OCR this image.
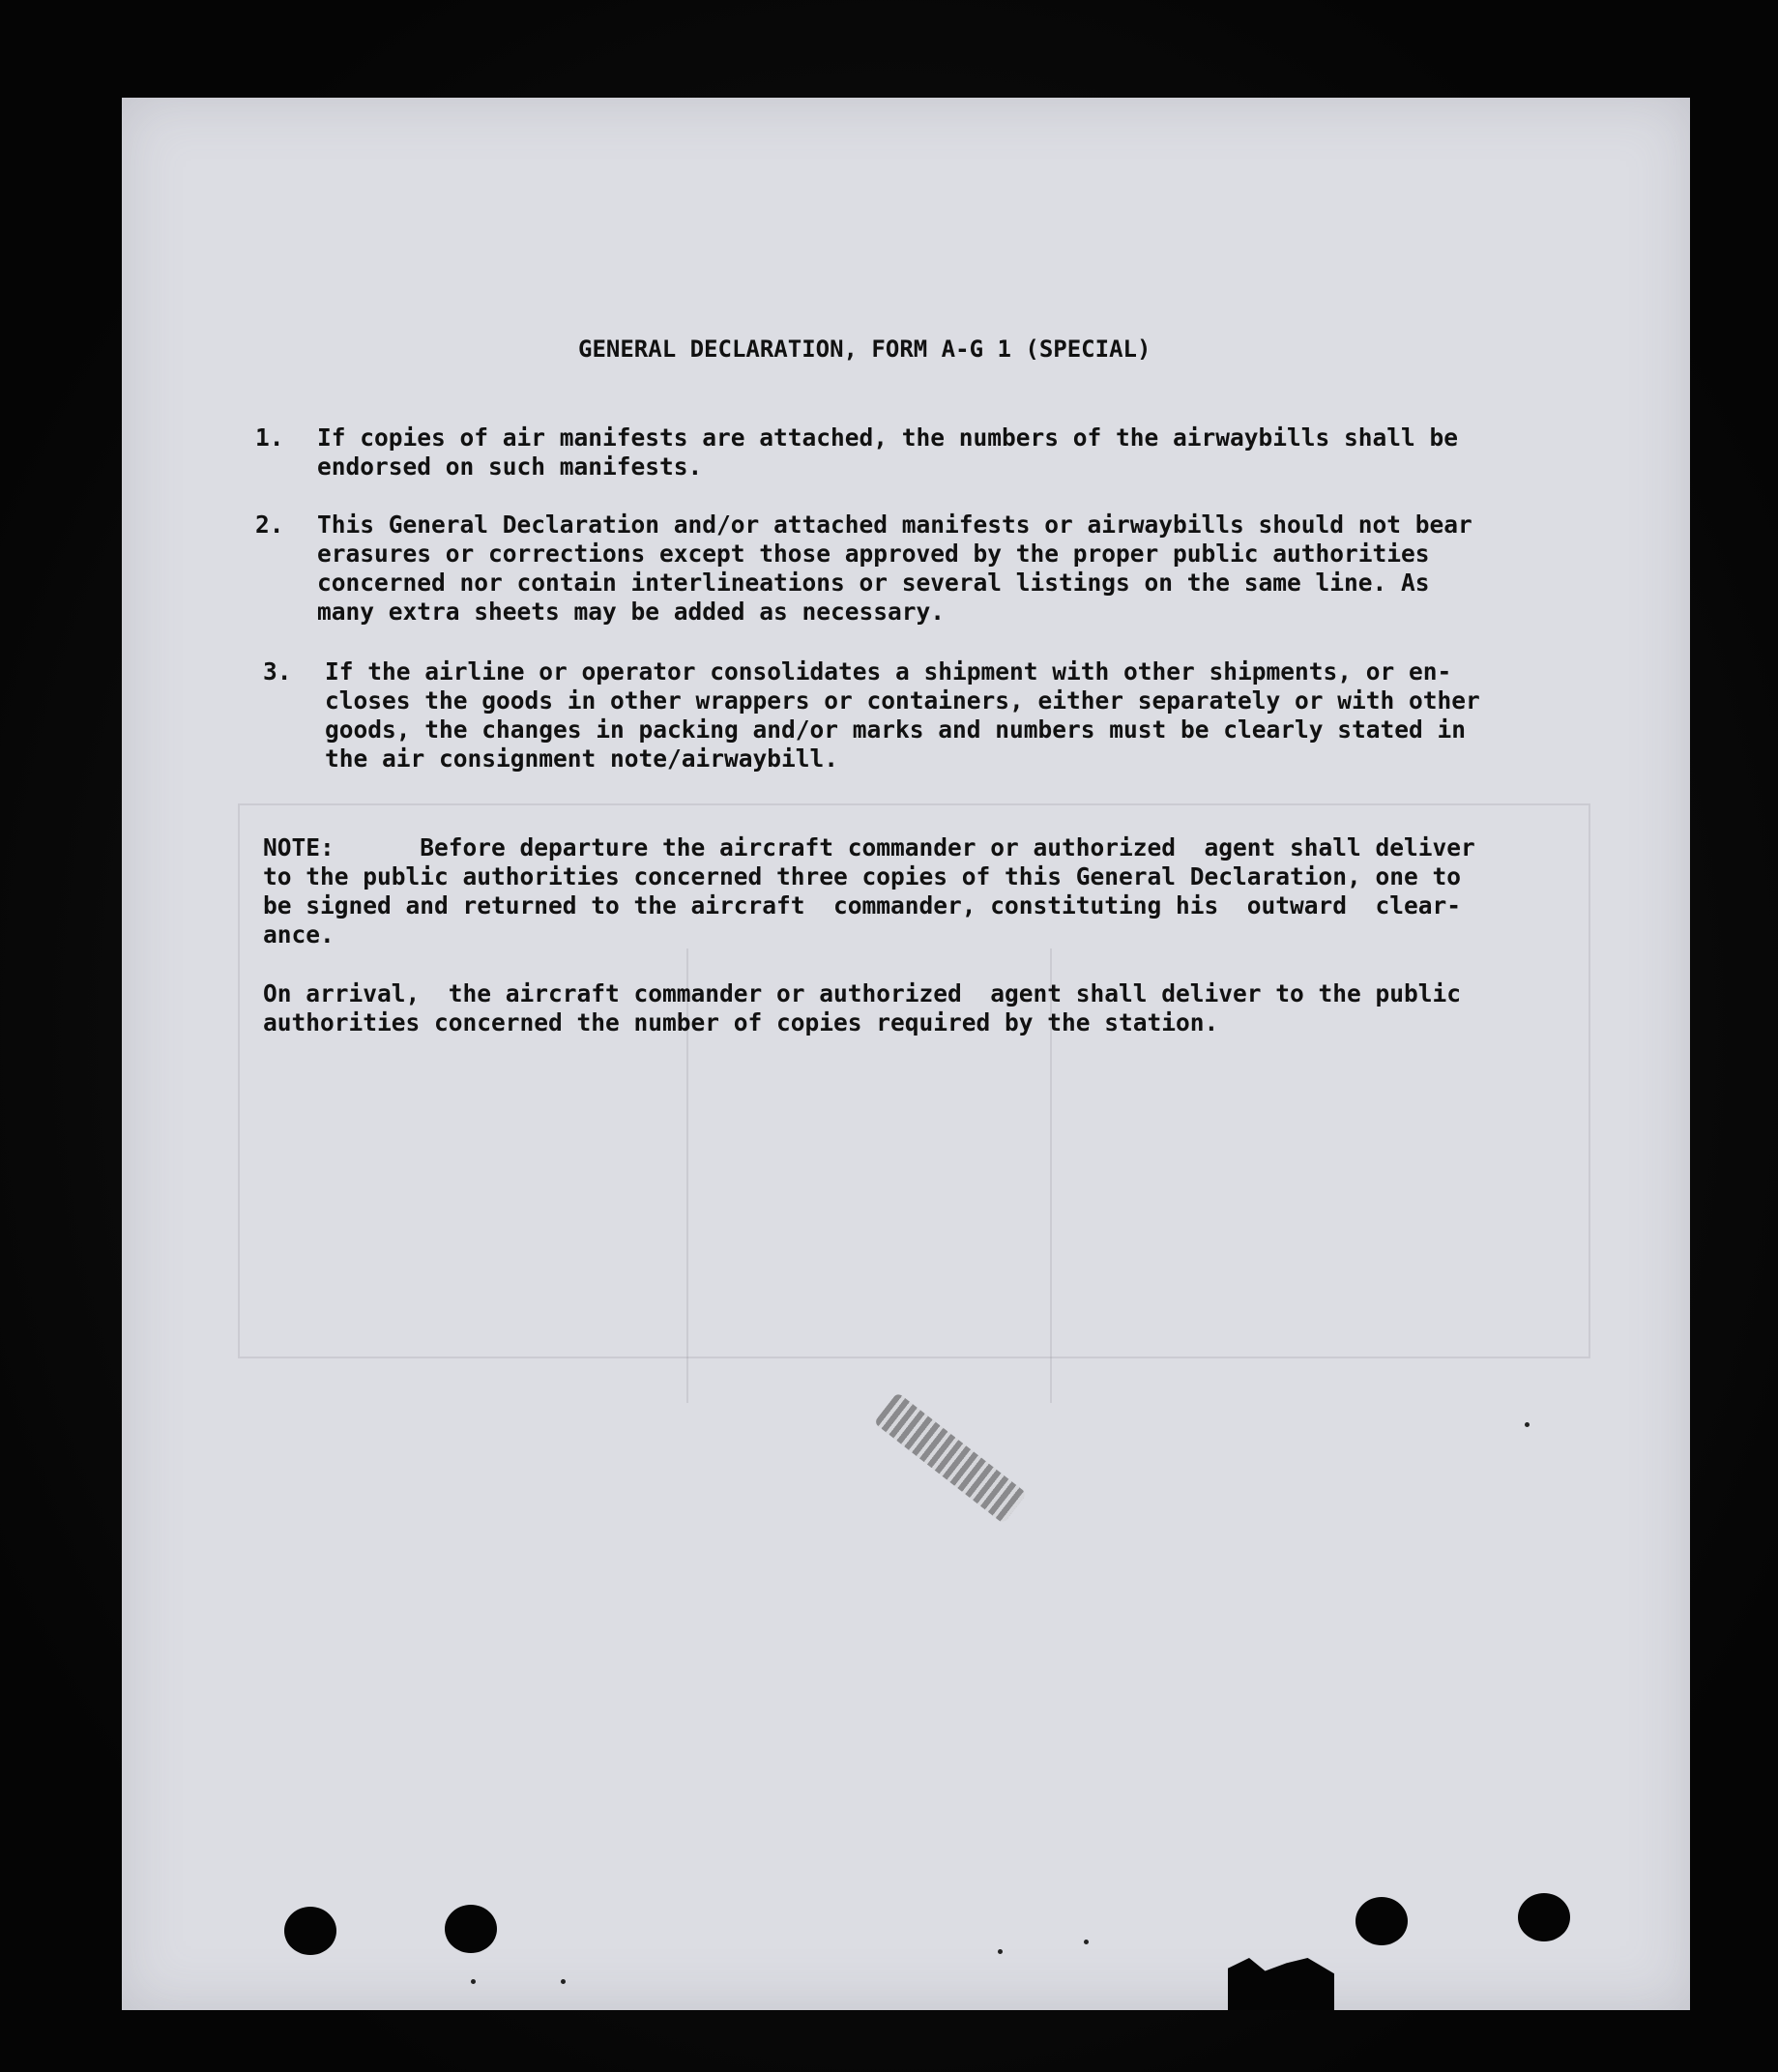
GENERAL DECLARATION, FORM A-G 1 (SPECIAL)
1. If copies of air manifests are attached, the numbers of the airwaybills shall be
endorsed on such manifests.
2. This General Declaration and/or attached manifests or airwaybills should not bear
erasures or corrections except those approved by the proper public authorities
concerned nor contain interlineations or several listings on the same line. As
many extra sheets may be added as necessary.
3. If the airline or operator consolidates a shipment with other shipments, or en-
closes the goods in other wrappers or containers, either separately or with other
goods, the changes in packing and/or marks and numbers must be clearly stated in
the air consignment note/airwaybill.
NOTE:      Before departure the aircraft commander or authorized  agent shall deliver
to the public authorities concerned three copies of this General Declaration, one to
be signed and returned to the aircraft  commander, constituting his  outward  clear-
ance.
On arrival,  the aircraft commander or authorized  agent shall deliver to the public
authorities concerned the number of copies required by the station.
